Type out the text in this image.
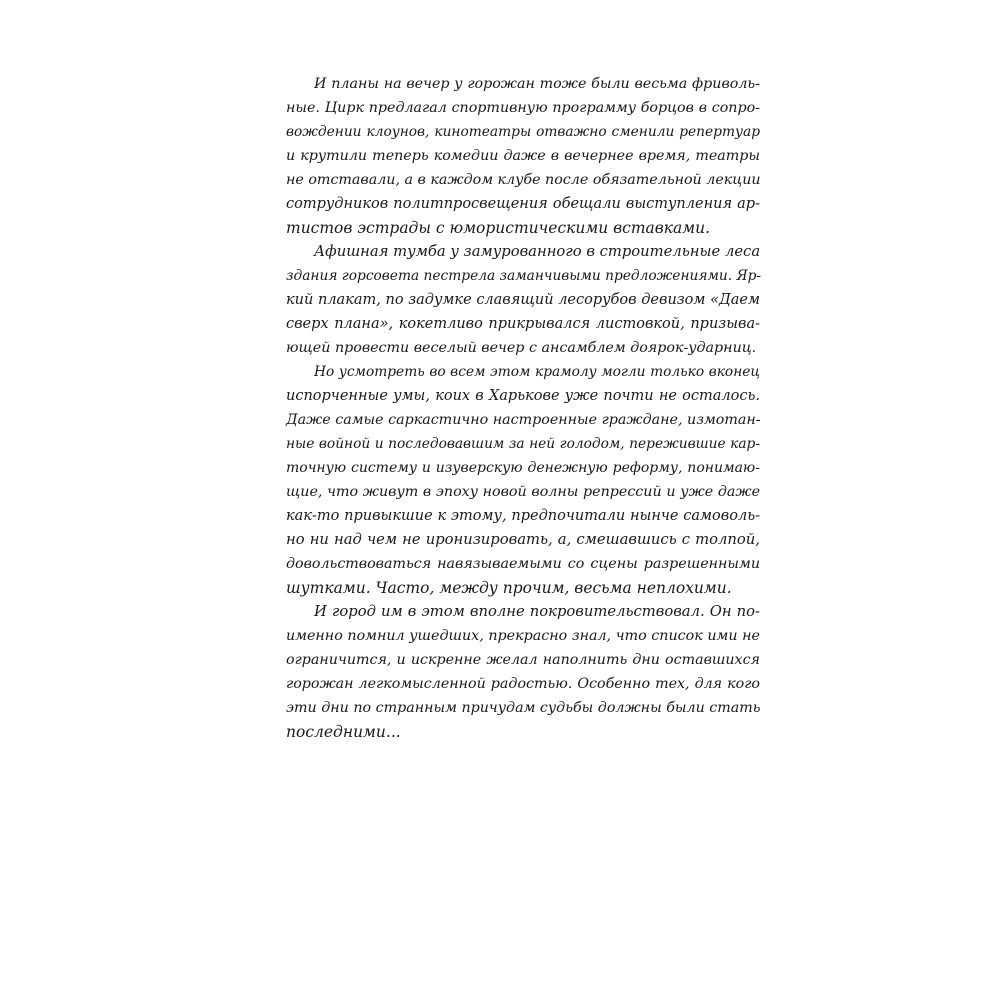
И планы на вечер у горожан тоже были весьма фриволь-
ные. Цирк предлагал спортивную программу борцов в сопро-
вождении клоунов, кинотеатры отважно сменили репертуар
и крутили теперь комедии даже в вечернее время, театры
не отставали, а в каждом клубе после обязательной лекции
сотрудников политпросвещения обещали выступления ар-
тистов эстрады с юмористическими вставками.
Афишная тумба у замурованного в строительные леса
здания горсовета пестрела заманчивыми предложениями. Яр-
кий плакат, по задумке славящий лесорубов девизом «Даем
сверх плана», кокетливо прикрывался листовкой, призыва-
ющей провести веселый вечер с ансамблем доярок-ударниц.
Но усмотреть во всем этом крамолу могли только вконец
испорченные умы, коих в Харькове уже почти не осталось.
Даже самые саркастично настроенные граждане, измотан-
ные войной и последовавшим за ней голодом, пережившие кар-
точную систему и изуверскую денежную реформу, понимаю-
щие, что живут в эпоху новой волны репрессий и уже даже
как-то привыкшие к этому, предпочитали нынче самоволь-
но ни над чем не иронизировать, а, смешавшись с толпой,
довольствоваться навязываемыми со сцены разрешенными
шутками. Часто, между прочим, весьма неплохими.
И город им в этом вполне покровительствовал. Он по-
именно помнил ушедших, прекрасно знал, что список ими не
ограничится, и искренне желал наполнить дни оставшихся
горожан легкомысленной радостью. Особенно тех, для кого
эти дни по странным причудам судьбы должны были стать
последними...
